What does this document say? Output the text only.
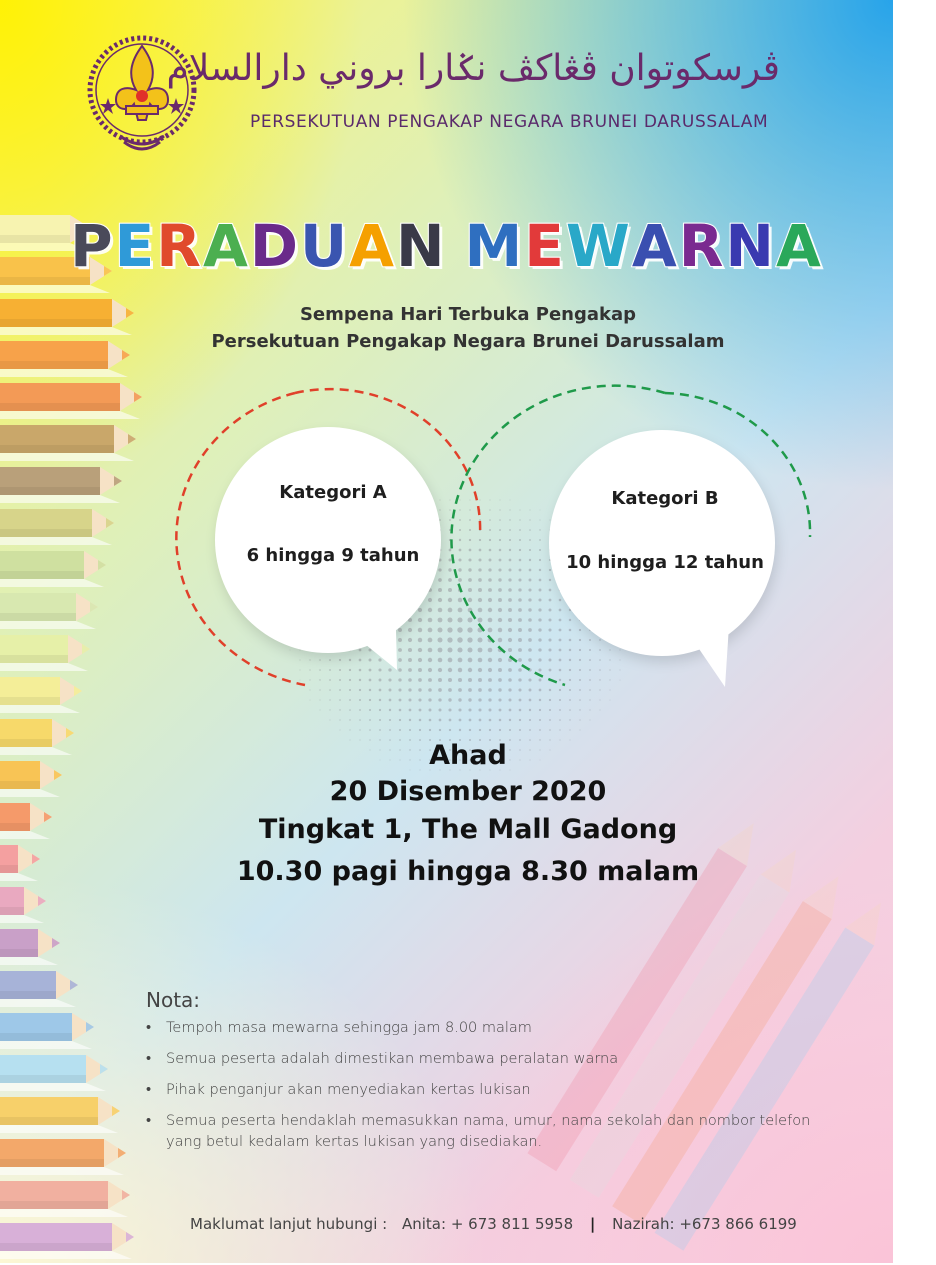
ڤرسكوتوان ڤڠاكڤ نݢارا بروني دارالسلام
PERSEKUTUAN PENGAKAP NEGARA BRUNEI DARUSSALAM
PERADUAN MEWARNA
Sempena Hari Terbuka Pengakap
Persekutuan Pengakap Negara Brunei Darussalam
Kategori A
6 hingga 9 tahun
Kategori B
10 hingga 12 tahun
Ahad
20 Disember 2020
Tingkat 1, The Mall Gadong
10.30 pagi hingga 8.30 malam
Nota:
• Tempoh masa mewarna sehingga jam 8.00 malam
• Semua peserta adalah dimestikan membawa peralatan warna
• Pihak penganjur akan menyediakan kertas lukisan
• Semua peserta hendaklah memasukkan nama, umur, nama sekolah dan nombor telefon yang betul kedalam kertas lukisan yang disediakan.
Maklumat lanjut hubungi : Anita: + 673 811 5958 | Nazirah: +673 866 6199
